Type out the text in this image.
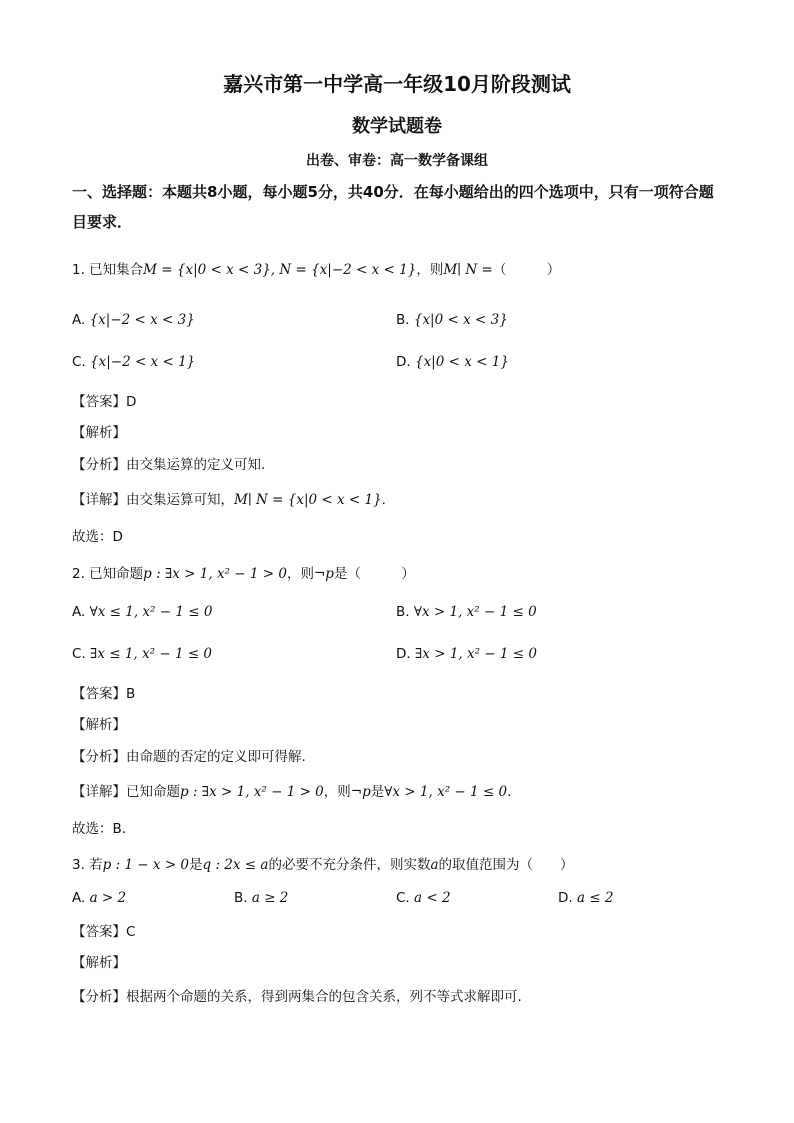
嘉兴市第一中学高一年级10月阶段测试
数学试题卷
出卷、审卷：高一数学备课组
一、选择题：本题共8小题，每小题5分，共40分．在每小题给出的四个选项中，只有一项符合题目要求．
1. 已知集合M = {x|0 < x < 3}, N = {x|−2 < x < 1}，则M∣ N =（　　　）
A. {x|−2 < x < 3}	B. {x|0 < x < 3}
C. {x|−2 < x < 1}	D. {x|0 < x < 1}
【答案】D
【解析】
【分析】由交集运算的定义可知.
【详解】由交集运算可知，M∣ N = {x|0 < x < 1}.
故选：D
2. 已知命题p : ∃x > 1, x² − 1 > 0，则¬p是（　　　）
A. ∀x ≤ 1, x² − 1 ≤ 0	B. ∀x > 1, x² − 1 ≤ 0
C. ∃x ≤ 1, x² − 1 ≤ 0	D. ∃x > 1, x² − 1 ≤ 0
【答案】B
【解析】
【分析】由命题的否定的定义即可得解.
【详解】已知命题p : ∃x > 1, x² − 1 > 0，则¬p是∀x > 1, x² − 1 ≤ 0.
故选：B.
3. 若p : 1 − x > 0是q : 2x ≤ a的必要不充分条件，则实数a的取值范围为（　　）
A. a > 2	B. a ≥ 2	C. a < 2	D. a ≤ 2
【答案】C
【解析】
【分析】根据两个命题的关系，得到两集合的包含关系，列不等式求解即可.
